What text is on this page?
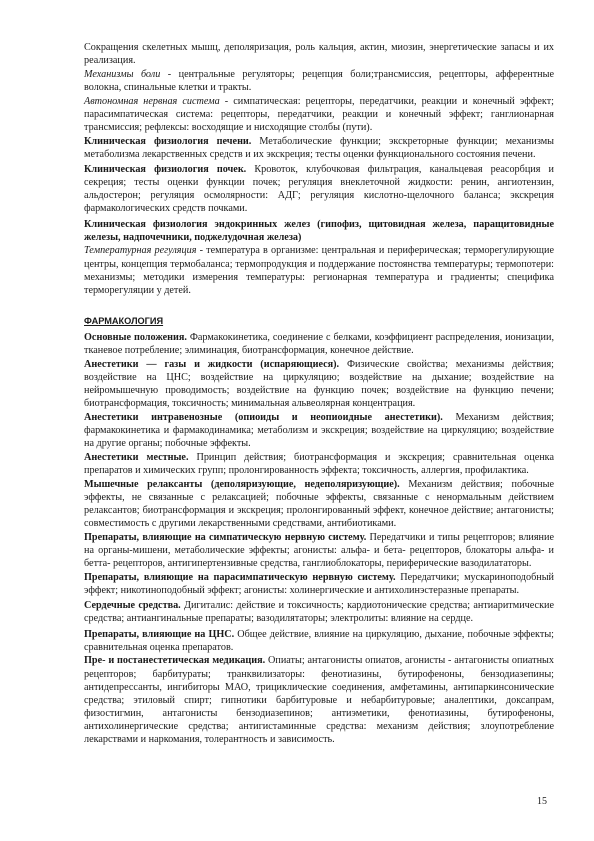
Сокращения скелетных мышц, деполяризация, роль кальция, актин, миозин, энергетические запасы и их реализация.

Механизмы боли - центральные регуляторы; рецепция боли;трансмиссия, рецепторы, афферентные волокна, спинальные клетки и тракты.

Автономная нервная система - симпатическая: рецепторы, передатчики, реакции и конечный эффект; парасимпатическая система: рецепторы, передатчики, реакции и конечный эффект; ганглионарная трансмиссия; рефлексы: восходящие и нисходящие столбы (пути).

Клиническая физиология печени. Метаболические функции; экскреторные функции; механизмы метаболизма лекарственных средств и их экскреция; тесты оценки функционального состояния печени.

Клиническая физиология почек. Кровоток, клубочковая фильтрация, канальцевая реасорбция и секреция; тесты оценки функции почек; регуляция внеклеточной жидкости: ренин, ангиотензин, альдостерон; регуляция осмолярности: АДГ; регуляция кислотно-щелочного баланса; экскреция фармакологических средств почками.

Клиническая физиология эндокринных желез (гипофиз, щитовидная железа, паращитовидные железы, надпочечники, поджелудочная железа)

Температурная регуляция - температура в организме: центральная и периферическая; терморегулирующие центры, концепция термобаланса; термопродукция и поддержание постоянства температуры; термопотери: механизмы; методики измерения температуры: регионарная температура и градиенты; специфика терморегуляции у детей.

ФАРМАКОЛОГИЯ

Основные положения. Фармакокинетика, соединение с белками, коэффициент распределения, ионизации, тканевое потребление; элиминация, биотрансформация, конечное действие.

Анестетики — газы и жидкости (испаряющиеся). Физические свойства; механизмы действия; воздействие на ЦНС; воздействие на циркуляцию; воздействие на дыхание; воздействие на нейромышечную проводимость; воздействие на функцию почек; воздействие на функцию печени; биотрансформация, токсичность; минимальная альвеолярная концентрация.

Анестетики интравенозные (опиоиды и неопиоидные анестетики). Механизм действия; фармакокинетика и фармакодинамика; метаболизм и экскреция; воздействие на циркуляцию; воздействие на другие органы; побочные эффекты.

Анестетики местные. Принцип действия; биотрансформация и экскреция; сравнительная оценка препаратов и химических групп; пролонгированность эффекта; токсичность, аллергия, профилактика.

Мышечные релаксанты (деполяризующие, недеполяризующие). Механизм действия; побочные эффекты, не связанные с релаксацией; побочные эффекты, связанные с ненормальным действием релаксантов; биотрансформация и экскреция; пролонгированный эффект, конечное действие; антагонисты; совместимость с другими лекарственными средствами, антибиотиками.

Препараты, влияющие на симпатическую нервную систему. Передатчики и типы рецепторов; влияние на органы-мишени, метаболические эффекты; агонисты: альфа- и бета- рецепторов, блокаторы альфа- и бетта- рецепторов, антигипертензивные средства, ганглиоблокаторы, периферические вазодилататоры.

Препараты, влияющие на парасимпатическую нервную систему. Передатчики; мускариноподобный эффект; никотиноподобный эффект; агонисты: холинергические и антихолинэстеразные препараты.

Сердечные средства. Дигиталис: действие и токсичность; кардиотонические средства; антиаритмические средства; антиангинальные препараты; вазодилятаторы; электролиты: влияние на сердце.

Препараты, влияющие на ЦНС. Общее действие, влияние на циркуляцию, дыхание, побочные эффекты; сравнительная оценка препаратов.

Пре- и постанестетическая медикация. Опиаты; антагонисты опиатов, агонисты - антагонисты опиатных рецепторов; барбитураты; транквилизаторы: фенотиазины, бутирофеноны, бензодиазепины; антидепрессанты, ингибиторы МАО, трициклические соединения, амфетамины, антипаркинсонические средства; этиловый спирт; гипнотики барбитуровые и небарбитуровые; аналептики, доксапрам, физостигмин, антагонисты бензодиазепинов; антиэметики, фенотиазины, бутирофеноны, антихолинергические средства; антигистаминные средства: механизм действия; злоупотребление лекарствами и наркомания, толерантность и зависимость.

15
